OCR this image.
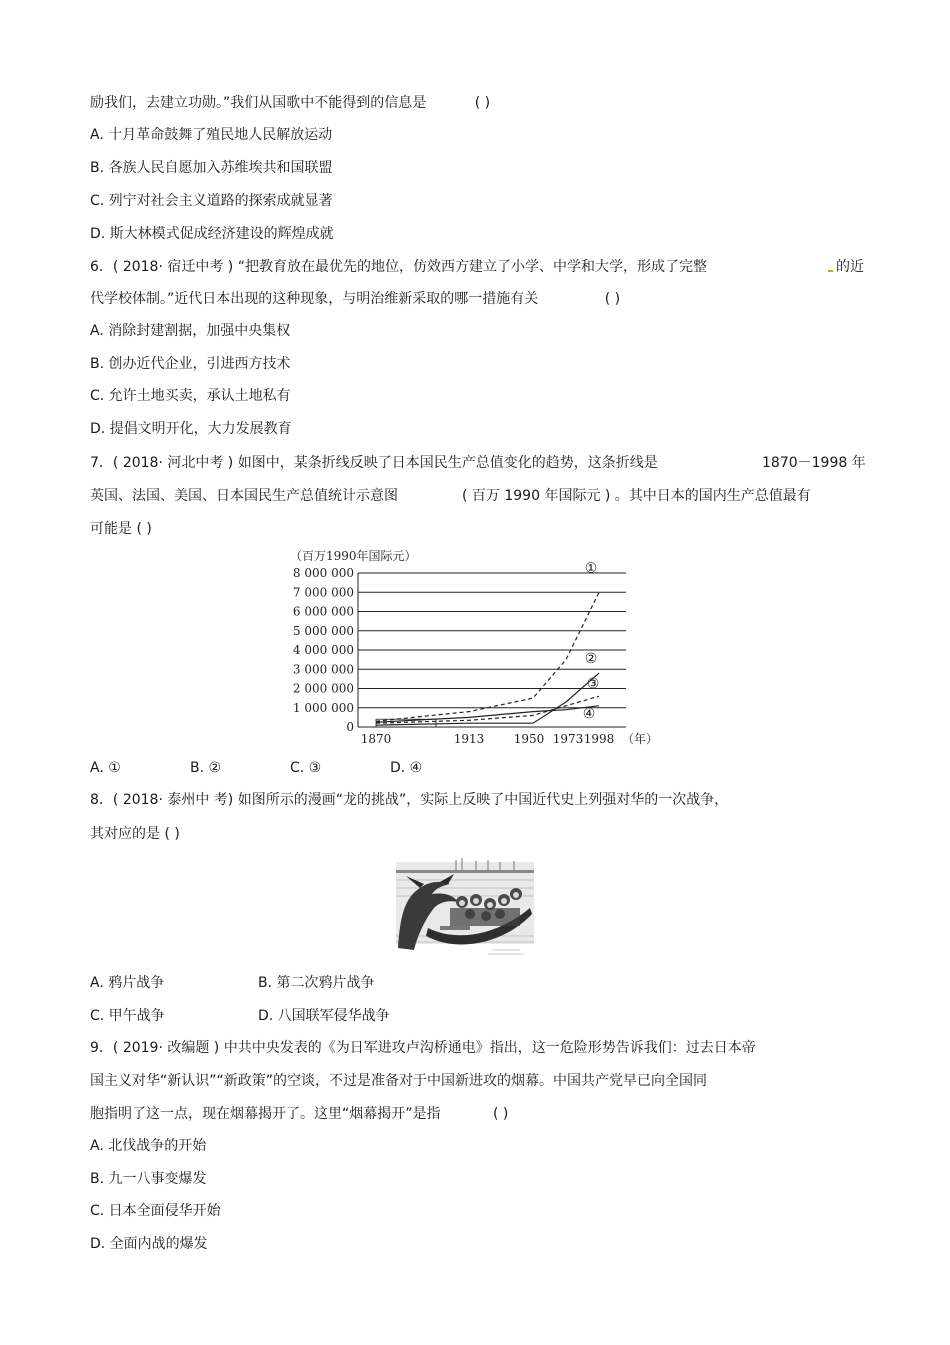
励我们，去建立功勋。”我们从国歌中不能得到的信息是	( )
A. 十月革命鼓舞了殖民地人民解放运动
B. 各族人民自愿加入苏维埃共和国联盟
C. 列宁对社会主义道路的探索成就显著
D. 斯大林模式促成经济建设的辉煌成就
6．( 2018· 宿迁中考 ) “把教育放在最优先的地位，仿效西方建立了小学、中学和大学，形成了完整	的近
代学校体制。”近代日本出现的这种现象，与明治维新采取的哪一措施有关	( )
A. 消除封建割据，加强中央集权
B. 创办近代企业，引进西方技术
C. 允许土地买卖，承认土地私有
D. 提倡文明开化，大力发展教育
7．( 2018· 河北中考 ) 如图中，某条折线反映了日本国民生产总值变化的趋势，这条折线是	1870－1998 年
英国、法国、美国、日本国民生产总值统计示意图	( 百万 1990 年国际元 ) 。其中日本的国内生产总值最有
可能是 ( )
（百万1990年国际元）
8 000 000
7 000 000
6 000 000
5 000 000
4 000 000
3 000 000
2 000 000
1 000 000
0
1870	1913 1950 1973 1998 （年）
①
②
③
④
A. ①	B. ②	C. ③	D. ④
8．( 2018· 泰州中 考) 如图所示的漫画“龙的挑战”，实际上反映了中国近代史上列强对华的一次战争，
其对应的是 ( )
A. 鸦片战争	B. 第二次鸦片战争
C. 甲午战争	D. 八国联军侵华战争
9．( 2019· 改编题 ) 中共中央发表的《为日军进攻卢沟桥通电》指出，这一危险形势告诉我们：过去日本帝
国主义对华“新认识”“新政策”的空谈，不过是准备对于中国新进攻的烟幕。中国共产党早已向全国同
胞指明了这一点，现在烟幕揭开了。这里“烟幕揭开”是指	( )
A. 北伐战争的开始
B. 九一八事变爆发
C. 日本全面侵华开始
D. 全面内战的爆发
